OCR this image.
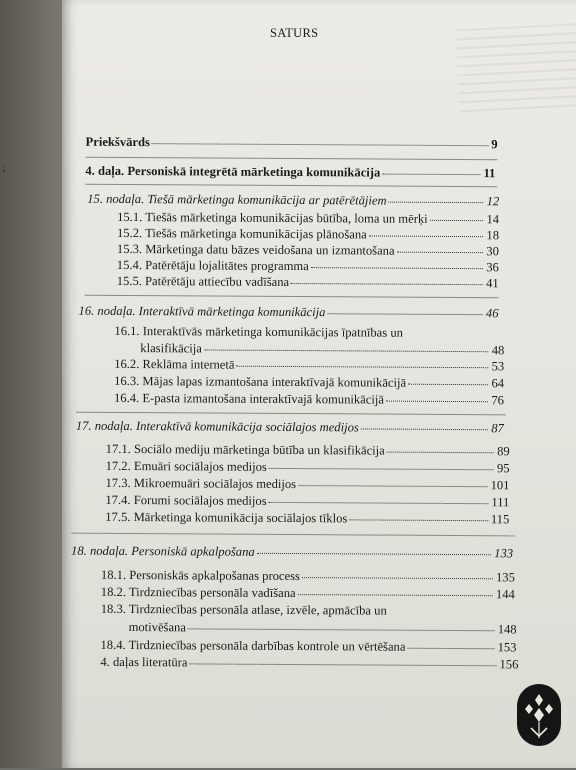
;
SATURS
Priekšvārds	9
4. daļa. Personiskā integrētā mārketinga komunikācija	11
15. nodaļa. Tiešā mārketinga komunikācija ar patērētājiem	12
15.1. Tiešās mārketinga komunikācijas būtība, loma un mērķi	14
15.2. Tiešās mārketinga komunikācijas plānošana	18
15.3. Mārketinga datu bāzes veidošana un izmantošana	30
15.4. Patērētāju lojalitātes programma	36
15.5. Patērētāju attiecību vadīšana	41
16. nodaļa. Interaktīvā mārketinga komunikācija	46
16.1. Interaktīvās mārketinga komunikācijas īpatnības un
klasifikācija	48
16.2. Reklāma internetā	53
16.3. Mājas lapas izmantošana interaktīvajā komunikācijā	64
16.4. E-pasta izmantošana interaktīvajā komunikācijā	76
17. nodaļa. Interaktīvā komunikācija sociālajos medijos	87
17.1. Sociālo mediju mārketinga būtība un klasifikācija	89
17.2. Emuāri sociālajos medijos	95
17.3. Mikroemuāri sociālajos medijos	101
17.4. Forumi sociālajos medijos	111
17.5. Mārketinga komunikācija sociālajos tīklos	115
18. nodaļa. Personiskā apkalpošana	133
18.1. Personiskās apkalpošanas process	135
18.2. Tirdzniecības personāla vadīšana	144
18.3. Tirdzniecības personāla atlase, izvēle, apmācība un
motivēšana	148
18.4. Tirdzniecības personāla darbības kontrole un vērtēšana	153
4. daļas literatūra	156
